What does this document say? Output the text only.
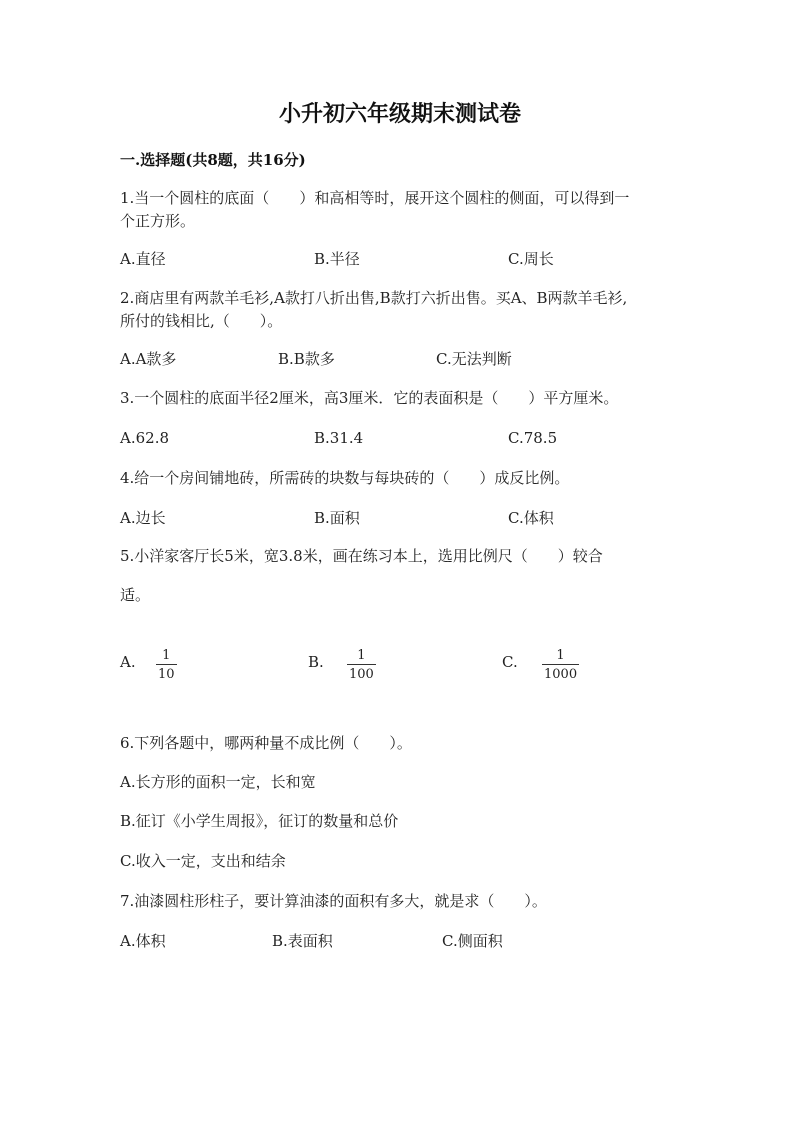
小升初六年级期末测试卷
一.选择题(共8题，共16分)
1.当一个圆柱的底面（　　）和高相等时，展开这个圆柱的侧面，可以得到一
个正方形。
A.直径	B.半径	C.周长
2.商店里有两款羊毛衫,A款打八折出售,B款打六折出售。买A、B两款羊毛衫,
所付的钱相比,（　　）。
A.A款多	B.B款多	C.无法判断
3.一个圆柱的底面半径2厘米，高3厘米．它的表面积是（　　）平方厘米。
A.62.8	B.31.4	C.78.5
4.给一个房间铺地砖，所需砖的块数与每块砖的（　　）成反比例。
A.边长	B.面积	C.体积
5.小洋家客厅长5米，宽3.8米，画在练习本上，选用比例尺（　　）较合
适。
A.	1
10
B.	1
100
C.	1
1000
6.下列各题中，哪两种量不成比例（　　）。
A.长方形的面积一定，长和宽
B.征订《小学生周报》，征订的数量和总价
C.收入一定，支出和结余
7.油漆圆柱形柱子，要计算油漆的面积有多大，就是求（　　）。
A.体积	B.表面积	C.侧面积
